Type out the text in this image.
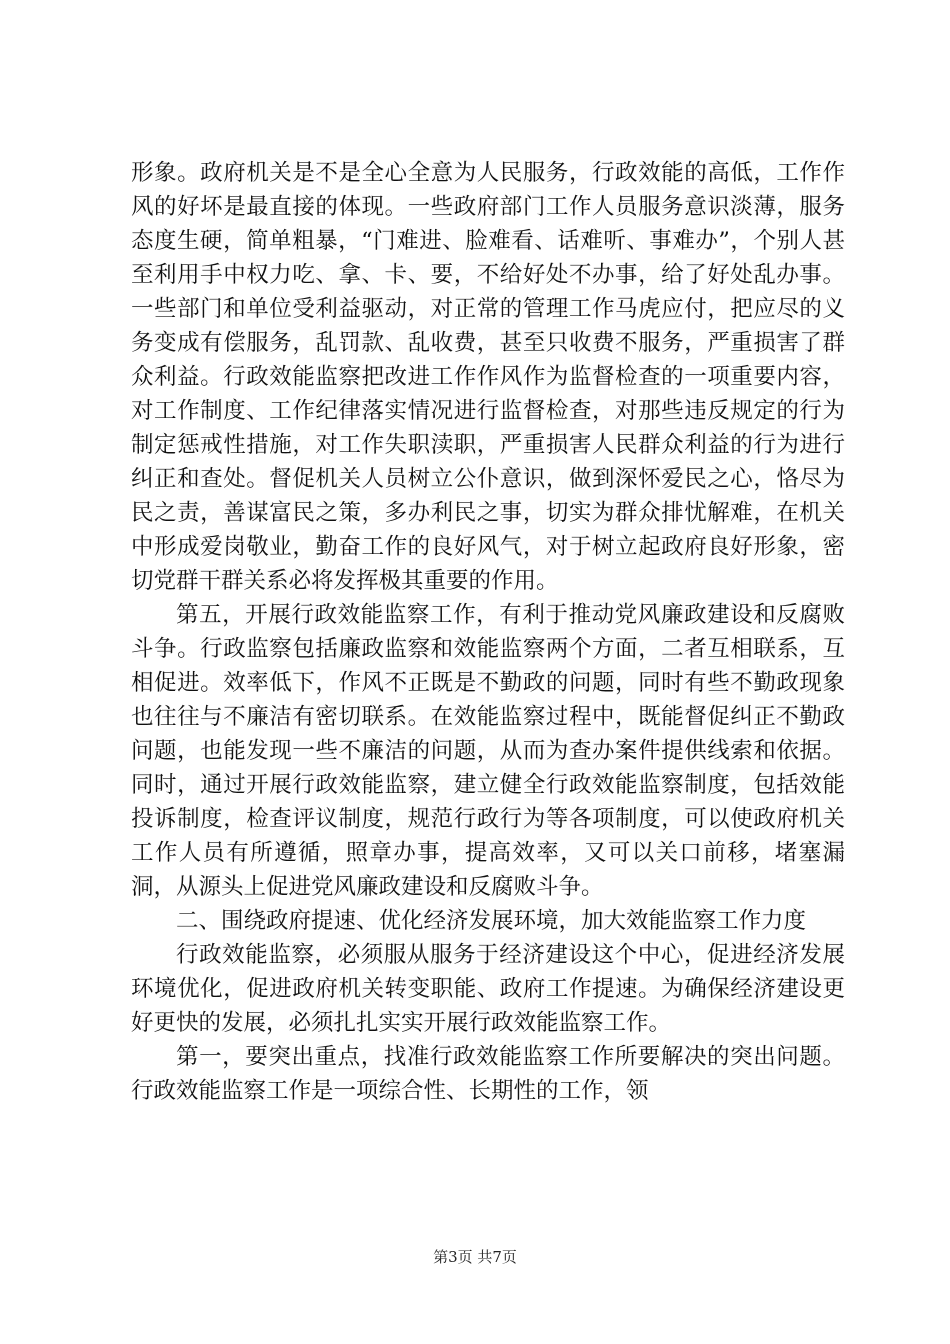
形象。政府机关是不是全心全意为人民服务，行政效能的高低，工作作风的好坏是最直接的体现。一些政府部门工作人员服务意识淡薄，服务态度生硬，简单粗暴，“门难进、脸难看、话难听、事难办”，个别人甚至利用手中权力吃、拿、卡、要，不给好处不办事，给了好处乱办事。一些部门和单位受利益驱动，对正常的管理工作马虎应付，把应尽的义务变成有偿服务，乱罚款、乱收费，甚至只收费不服务，严重损害了群众利益。行政效能监察把改进工作作风作为监督检查的一项重要内容，对工作制度、工作纪律落实情况进行监督检查，对那些违反规定的行为制定惩戒性措施，对工作失职渎职，严重损害人民群众利益的行为进行纠正和查处。督促机关人员树立公仆意识，做到深怀爱民之心，恪尽为民之责，善谋富民之策，多办利民之事，切实为群众排忧解难，在机关中形成爱岗敬业，勤奋工作的良好风气，对于树立起政府良好形象，密切党群干群关系必将发挥极其重要的作用。

第五，开展行政效能监察工作，有利于推动党风廉政建设和反腐败斗争。行政监察包括廉政监察和效能监察两个方面，二者互相联系，互相促进。效率低下，作风不正既是不勤政的问题，同时有些不勤政现象也往往与不廉洁有密切联系。在效能监察过程中，既能督促纠正不勤政问题，也能发现一些不廉洁的问题，从而为查办案件提供线索和依据。同时，通过开展行政效能监察，建立健全行政效能监察制度，包括效能投诉制度，检查评议制度，规范行政行为等各项制度，可以使政府机关工作人员有所遵循，照章办事，提高效率，又可以关口前移，堵塞漏洞，从源头上促进党风廉政建设和反腐败斗争。

二、围绕政府提速、优化经济发展环境，加大效能监察工作力度

行政效能监察，必须服从服务于经济建设这个中心，促进经济发展环境优化，促进政府机关转变职能、政府工作提速。为确保经济建设更好更快的发展，必须扎扎实实开展行政效能监察工作。

第一，要突出重点，找准行政效能监察工作所要解决的突出问题。行政效能监察工作是一项综合性、长期性的工作，领

第3页 共7页
